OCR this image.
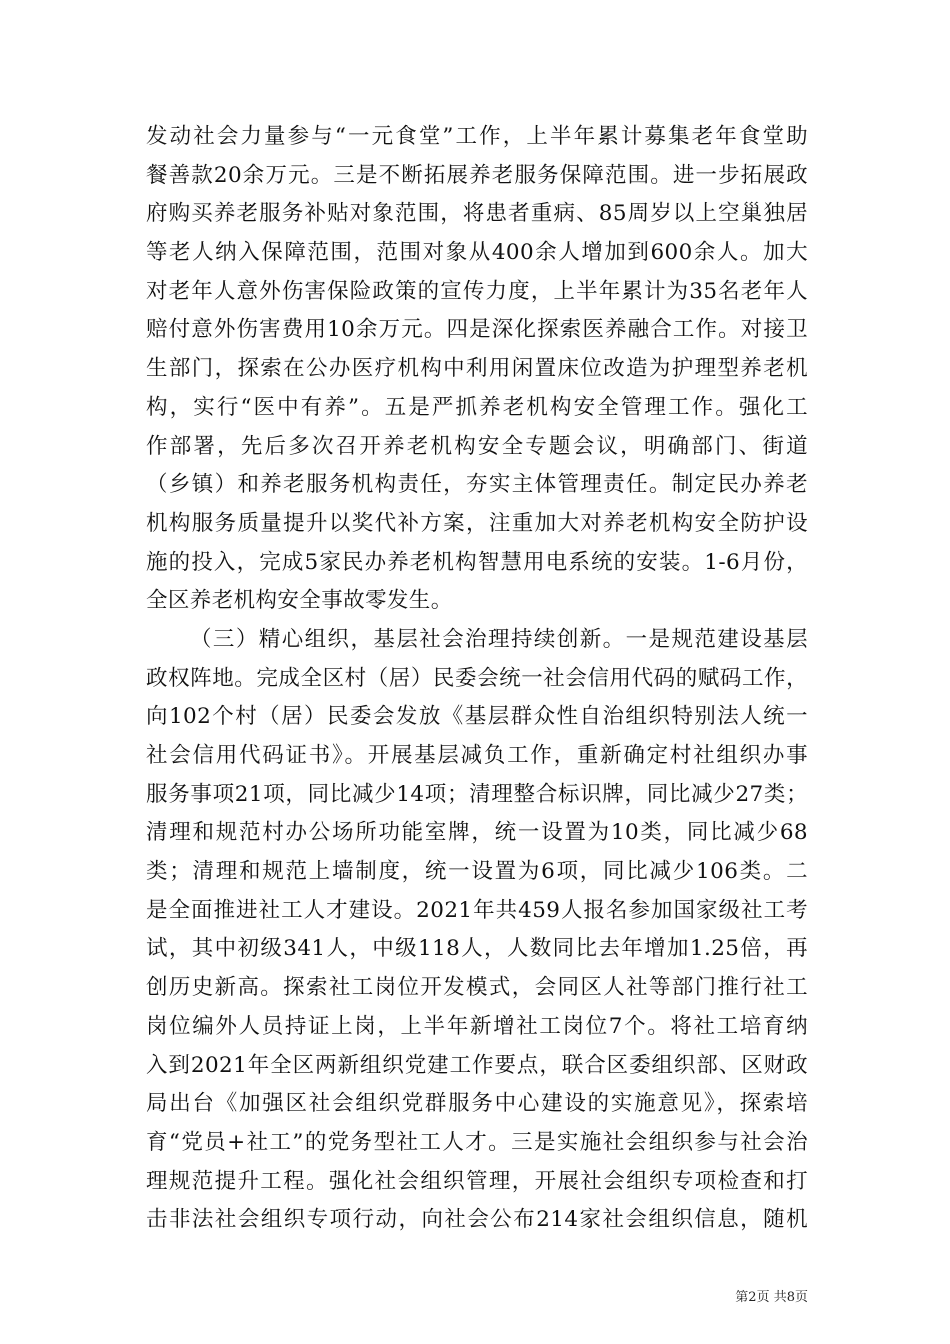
发动社会力量参与“一元食堂”工作，上半年累计募集老年食堂助
餐善款20余万元。三是不断拓展养老服务保障范围。进一步拓展政
府购买养老服务补贴对象范围，将患者重病、85周岁以上空巢独居
等老人纳入保障范围，范围对象从400余人增加到600余人。加大
对老年人意外伤害保险政策的宣传力度，上半年累计为35名老年人
赔付意外伤害费用10余万元。四是深化探索医养融合工作。对接卫
生部门，探索在公办医疗机构中利用闲置床位改造为护理型养老机
构，实行“医中有养”。五是严抓养老机构安全管理工作。强化工
作部署，先后多次召开养老机构安全专题会议，明确部门、街道
（乡镇）和养老服务机构责任，夯实主体管理责任。制定民办养老
机构服务质量提升以奖代补方案，注重加大对养老机构安全防护设
施的投入，完成5家民办养老机构智慧用电系统的安装。1-6月份，
全区养老机构安全事故零发生。
（三）精心组织，基层社会治理持续创新。一是规范建设基层
政权阵地。完成全区村（居）民委会统一社会信用代码的赋码工作，
向102个村（居）民委会发放《基层群众性自治组织特别法人统一
社会信用代码证书》。开展基层减负工作，重新确定村社组织办事
服务事项21项，同比减少14项；清理整合标识牌，同比减少27类；
清理和规范村办公场所功能室牌，统一设置为10类，同比减少68
类；清理和规范上墙制度，统一设置为6项，同比减少106类。二
是全面推进社工人才建设。2021年共459人报名参加国家级社工考
试，其中初级341人，中级118人，人数同比去年增加1.25倍，再
创历史新高。探索社工岗位开发模式，会同区人社等部门推行社工
岗位编外人员持证上岗，上半年新增社工岗位7个。将社工培育纳
入到2021年全区两新组织党建工作要点，联合区委组织部、区财政
局出台《加强区社会组织党群服务中心建设的实施意见》，探索培
育“党员+社工”的党务型社工人才。三是实施社会组织参与社会治
理规范提升工程。强化社会组织管理，开展社会组织专项检查和打
击非法社会组织专项行动，向社会公布214家社会组织信息，随机
第2页 共8页
